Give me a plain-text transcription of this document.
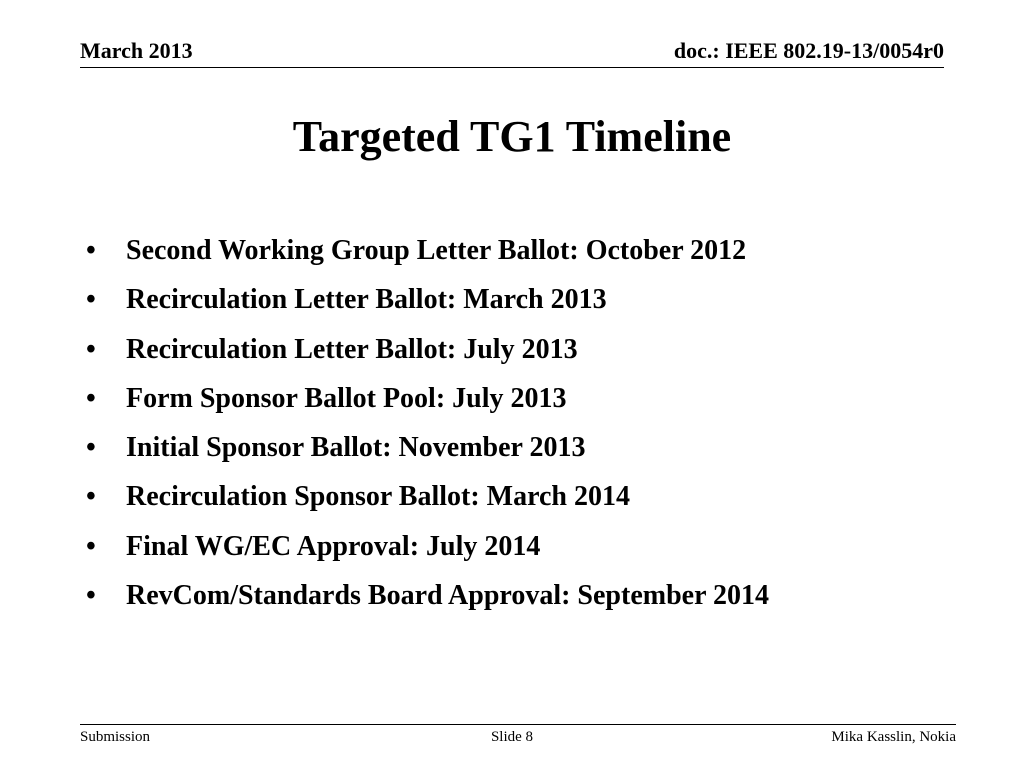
March 2013	doc.: IEEE 802.19-13/0054r0
Targeted TG1 Timeline
•	Second Working Group Letter Ballot: October 2012
•	Recirculation Letter Ballot: March 2013
•	Recirculation Letter Ballot: July 2013
•	Form Sponsor Ballot Pool: July 2013
•	Initial Sponsor Ballot: November 2013
•	Recirculation Sponsor Ballot: March 2014
•	Final WG/EC Approval: July 2014
•	RevCom/Standards Board Approval: September 2014
Submission	Slide 8	Mika Kasslin, Nokia
